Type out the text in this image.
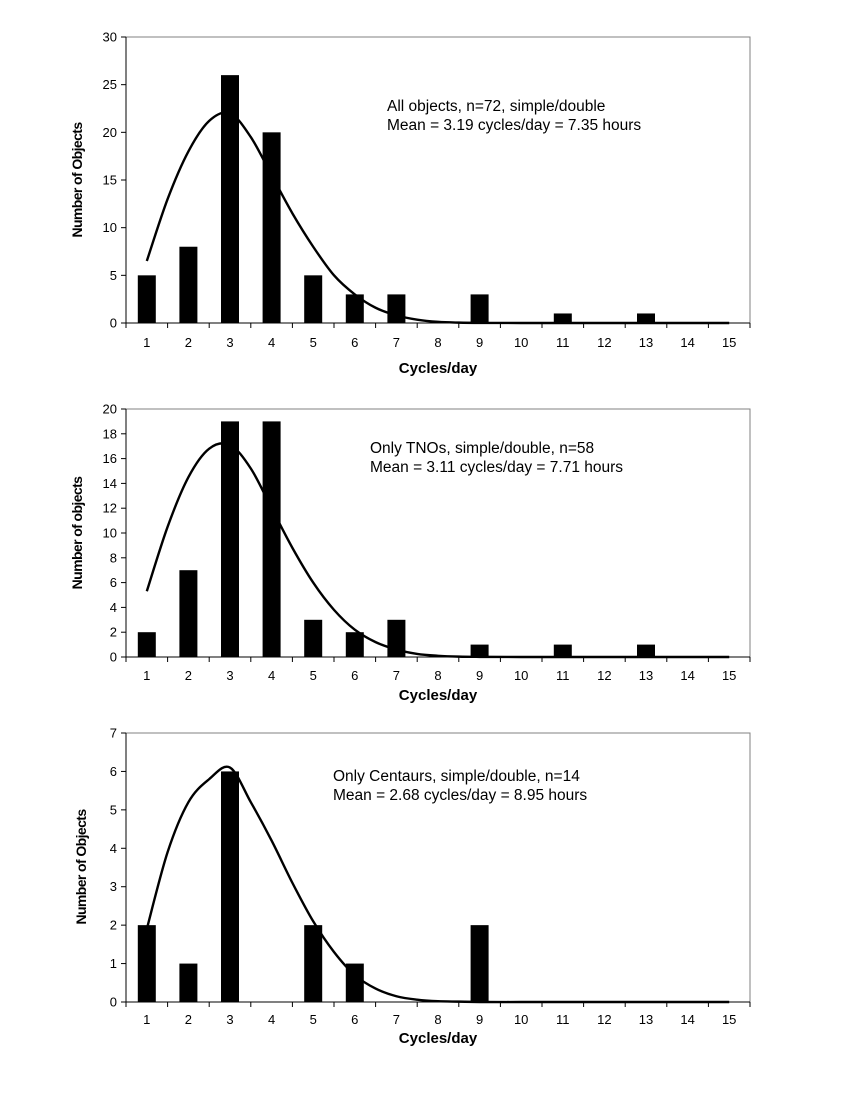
0
5
10
15
20
25
30
1	2	3	4	5	6	7	8	9 10 11 12 13 14 15
All objects, n=72, simple/double
Mean = 3.19 cycles/day = 7.35 hours
Cycles/day
Number of Objects
0
2
4
6
8
10
12
14
16
18
20
1	2	3	4	5	6	7	8	9 10 11 12 13 14 15
Only TNOs, simple/double, n=58
Mean = 3.11 cycles/day = 7.71 hours
Cycles/day
Number of objects
0
1
2
3
4
5
6
7
1	2	3	4	5	6	7	8	9 10 11 12 13 14 15
Only Centaurs, simple/double, n=14
Mean = 2.68 cycles/day = 8.95 hours
Cycles/day
Number of Objects
